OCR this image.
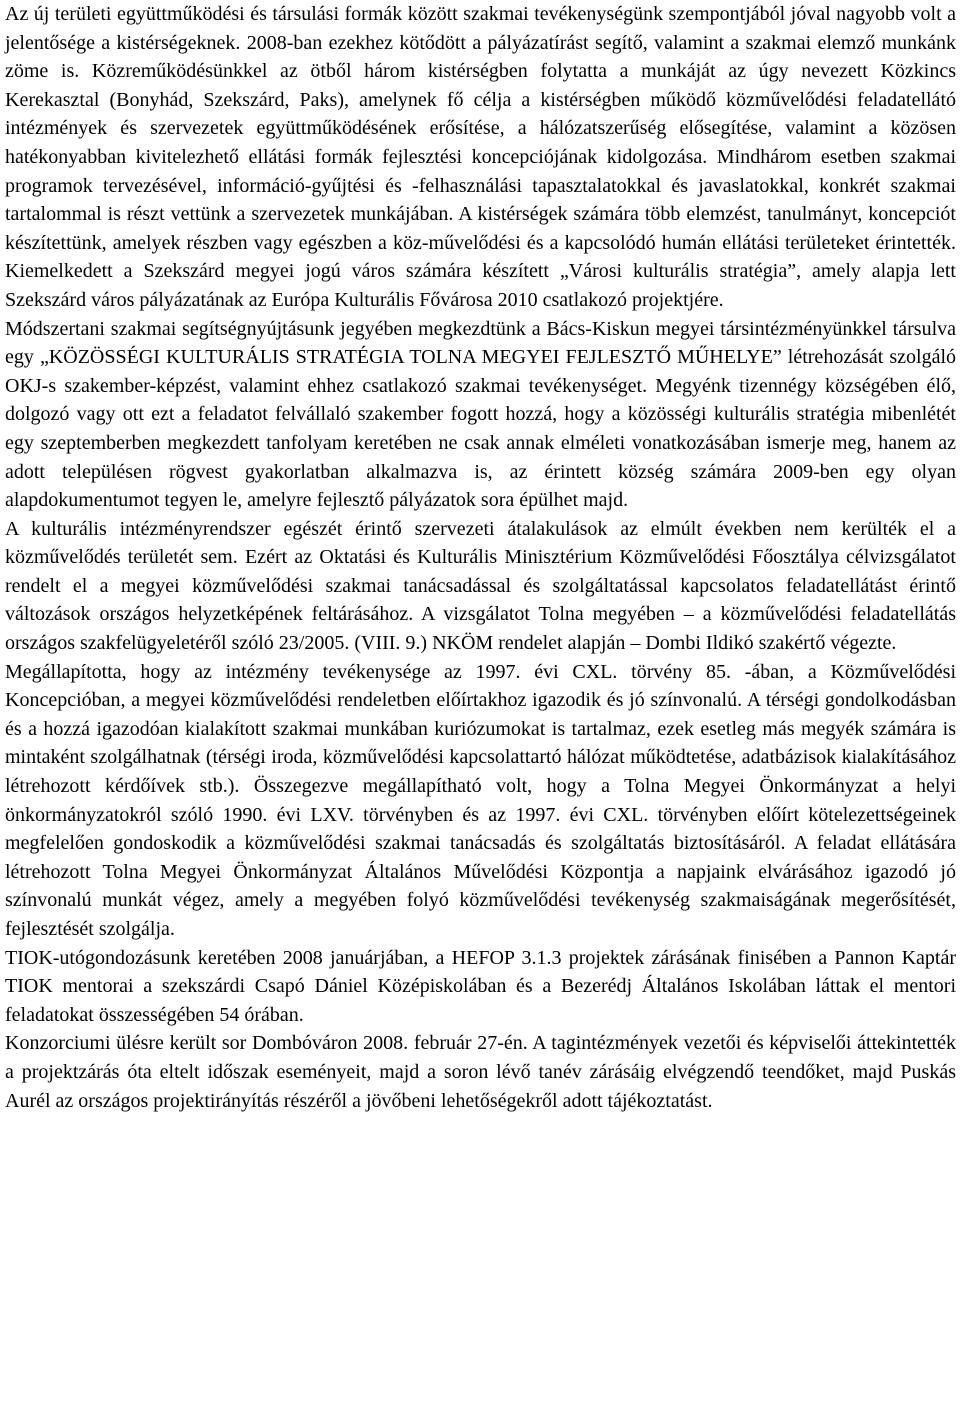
Az új területi együttműködési és társulási formák között szakmai tevékenységünk szempontjából jóval nagyobb volt a jelentősége a kistérségeknek. 2008-ban ezekhez kötődött a pályázatírást segítő, valamint a szakmai elemző munkánk zöme is. Közreműködésünkkel az ötből három kistérségben folytatta a munkáját az úgy nevezett Közkincs Kerekasztal (Bonyhád, Szekszárd, Paks), amelynek fő célja a kistérségben működő közművelődési feladatellátó intézmények és szervezetek együttműködésének erősítése, a hálózatszerűség elősegítése, valamint a közösen hatékonyabban kivitelezhető ellátási formák fejlesztési koncepciójának kidolgozása. Mindhárom esetben szakmai programok tervezésével, információ-gyűjtési és -felhasználási tapasztalatokkal és javaslatokkal, konkrét szakmai tartalommal is részt vettünk a szervezetek munkájában. A kistérségek számára több elemzést, tanulmányt, koncepciót készítettünk, amelyek részben vagy egészben a köz-művelődési és a kapcsolódó humán ellátási területeket érintették. Kiemelkedett a Szekszárd megyei jogú város számára készített „Városi kulturális stratégia”, amely alapja lett Szekszárd város pályázatának az Európa Kulturális Fővárosa 2010 csatlakozó projektjére.

Módszertani szakmai segítségnyújtásunk jegyében megkezdtünk a Bács-Kiskun megyei társintézményünkkel társulva egy „KÖZÖSSÉGI KULTURÁLIS STRATÉGIA TOLNA MEGYEI FEJLESZTŐ MŰHELYE” létrehozását szolgáló OKJ-s szakember-képzést, valamint ehhez csatlakozó szakmai tevékenységet. Megyénk tizennégy községében élő, dolgozó vagy ott ezt a feladatot felvállaló szakember fogott hozzá, hogy a közösségi kulturális stratégia mibenlétét egy szeptemberben megkezdett tanfolyam keretében ne csak annak elméleti vonatkozásában ismerje meg, hanem az adott településen rögvest gyakorlatban alkalmazva is, az érintett község számára 2009-ben egy olyan alapdokumentumot tegyen le, amelyre fejlesztő pályázatok sora épülhet majd.

A kulturális intézményrendszer egészét érintő szervezeti átalakulások az elmúlt években nem kerülték el a közművelődés területét sem. Ezért az Oktatási és Kulturális Minisztérium Közművelődési Főosztálya célvizsgálatot rendelt el a megyei közművelődési szakmai tanácsadással és szolgáltatással kapcsolatos feladatellátást érintő változások országos helyzetképének feltárásához. A vizsgálatot Tolna megyében – a közművelődési feladatellátás országos szakfelügyeletéről szóló 23/2005. (VIII. 9.) NKÖM rendelet alapján – Dombi Ildikó szakértő végezte.

Megállapította, hogy az intézmény tevékenysége az 1997. évi CXL. törvény 85. -ában, a Közművelődési Koncepcióban, a megyei közművelődési rendeletben előírtakhoz igazodik és jó színvonalú. A térségi gondolkodásban és a hozzá igazodóan kialakított szakmai munkában kuriózumokat is tartalmaz, ezek esetleg más megyék számára is mintaként szolgálhatnak (térségi iroda, közművelődési kapcsolattartó hálózat működtetése, adatbázisok kialakításához létrehozott kérdőívek stb.). Összegezve megállapítható volt, hogy a Tolna Megyei Önkormányzat a helyi önkormányzatokról szóló 1990. évi LXV. törvényben és az 1997. évi CXL. törvényben előírt kötelezettségeinek megfelelően gondoskodik a közművelődési szakmai tanácsadás és szolgáltatás biztosításáról. A feladat ellátására létrehozott Tolna Megyei Önkormányzat Általános Művelődési Központja a napjaink elvárásához igazodó jó színvonalú munkát végez, amely a megyében folyó közművelődési tevékenység szakmaiságának megerősítését, fejlesztését szolgálja.

TIOK-utógondozásunk keretében 2008 januárjában, a HEFOP 3.1.3 projektek zárásának finisében a Pannon Kaptár TIOK mentorai a szekszárdi Csapó Dániel Középiskolában és a Bezerédj Általános Iskolában láttak el mentori feladatokat összességében 54 órában.

Konzorciumi ülésre került sor Dombóváron 2008. február 27-én. A tagintézmények vezetői és képviselői áttekintették a projektzárás óta eltelt időszak eseményeit, majd a soron lévő tanév zárásáig elvégzendő teendőket, majd Puskás Aurél az országos projektirányítás részéről a jövőbeni lehetőségekről adott tájékoztatást.
